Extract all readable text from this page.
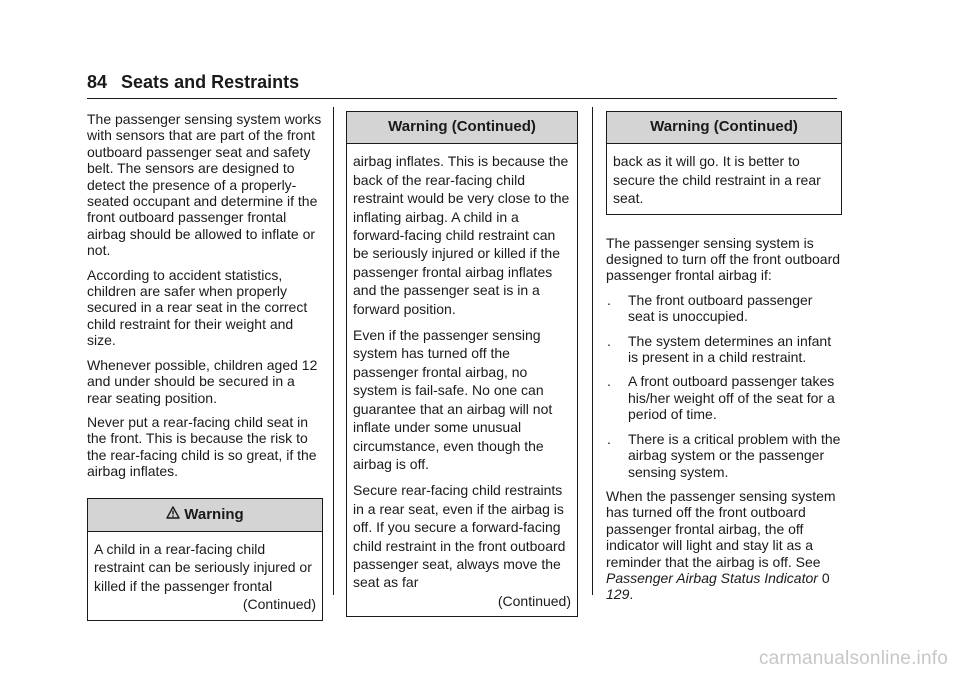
84 Seats and Restraints

The passenger sensing system works with sensors that are part of the front outboard passenger seat and safety belt. The sensors are designed to detect the presence of a properly-seated occupant and determine if the front outboard passenger frontal airbag should be allowed to inflate or not.

According to accident statistics, children are safer when properly secured in a rear seat in the correct child restraint for their weight and size.

Whenever possible, children aged 12 and under should be secured in a rear seating position.

Never put a rear-facing child seat in the front. This is because the risk to the rear-facing child is so great, if the airbag inflates.

Warning

A child in a rear-facing child restraint can be seriously injured or killed if the passenger frontal

(Continued)
Warning (Continued)

airbag inflates. This is because the back of the rear-facing child restraint would be very close to the inflating airbag. A child in a forward-facing child restraint can be seriously injured or killed if the passenger frontal airbag inflates and the passenger seat is in a forward position.

Even if the passenger sensing system has turned off the passenger frontal airbag, no system is fail-safe. No one can guarantee that an airbag will not inflate under some unusual circumstance, even though the airbag is off.

Secure rear-facing child restraints in a rear seat, even if the airbag is off. If you secure a forward-facing child restraint in the front outboard passenger seat, always move the seat as far

(Continued)
Warning (Continued)

back as it will go. It is better to secure the child restraint in a rear seat.

The passenger sensing system is designed to turn off the front outboard passenger frontal airbag if:

. The front outboard passenger seat is unoccupied.
. The system determines an infant is present in a child restraint.
. A front outboard passenger takes his/her weight off of the seat for a period of time.
. There is a critical problem with the airbag system or the passenger sensing system.

When the passenger sensing system has turned off the front outboard passenger frontal airbag, the off indicator will light and stay lit as a reminder that the airbag is off. See Passenger Airbag Status Indicator 0 129.

carmanualsonline.info
